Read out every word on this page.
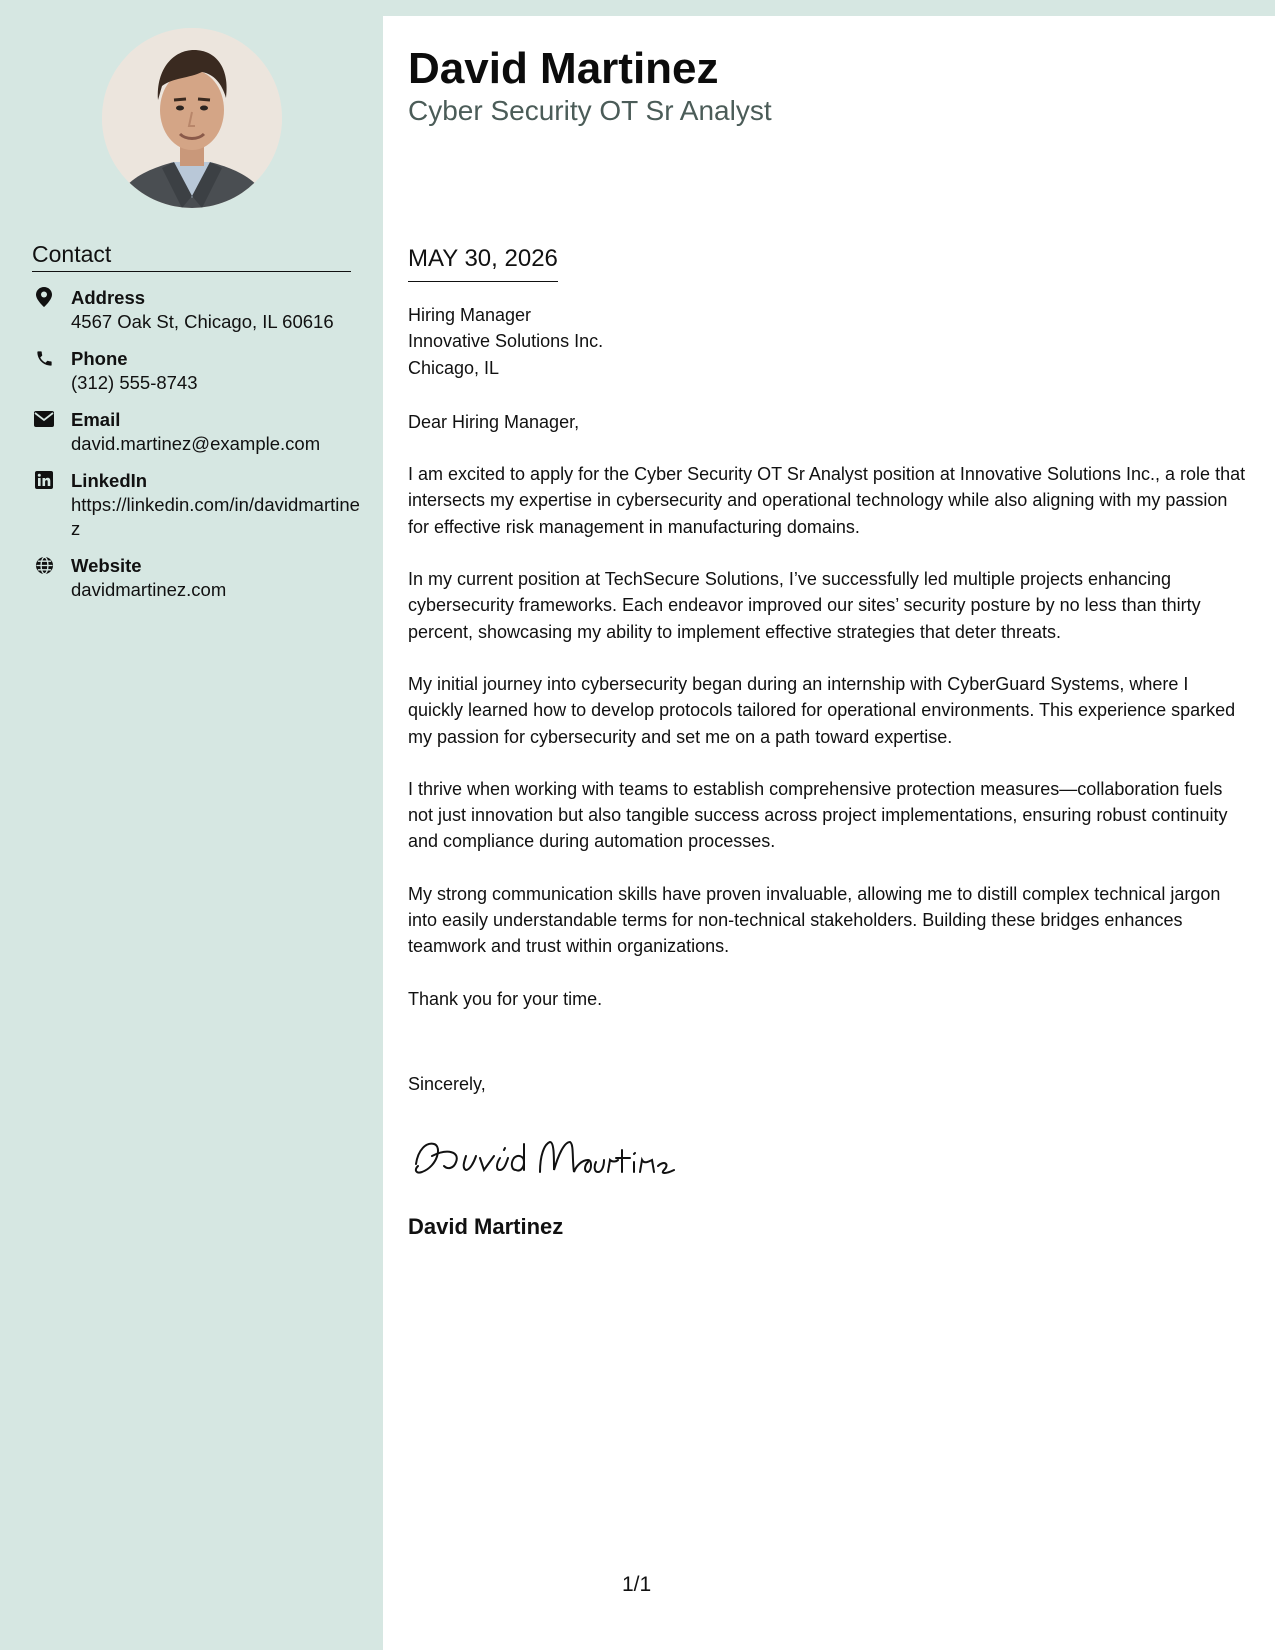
Contact
Address
4567 Oak St, Chicago, IL 60616
Phone
(312) 555-8743
Email
david.martinez@example.com
LinkedIn
https://linkedin.com/in/davidmartinez
Website
davidmartinez.com
David Martinez
Cyber Security OT Sr Analyst
MAY 30, 2026
Hiring Manager
Innovative Solutions Inc.
Chicago, IL
Dear Hiring Manager,
I am excited to apply for the Cyber Security OT Sr Analyst position at Innovative Solutions Inc., a role that intersects my expertise in cybersecurity and operational technology while also aligning with my passion for effective risk management in manufacturing domains.
In my current position at TechSecure Solutions, I’ve successfully led multiple projects enhancing cybersecurity frameworks. Each endeavor improved our sites’ security posture by no less than thirty percent, showcasing my ability to implement effective strategies that deter threats.
My initial journey into cybersecurity began during an internship with CyberGuard Systems, where I quickly learned how to develop protocols tailored for operational environments. This experience sparked my passion for cybersecurity and set me on a path toward expertise.
I thrive when working with teams to establish comprehensive protection measures—collaboration fuels not just innovation but also tangible success across project implementations, ensuring robust continuity and compliance during automation processes.
My strong communication skills have proven invaluable, allowing me to distill complex technical jargon into easily understandable terms for non-technical stakeholders. Building these bridges enhances teamwork and trust within organizations.
Thank you for your time.
Sincerely,
David Martinez
1/1
